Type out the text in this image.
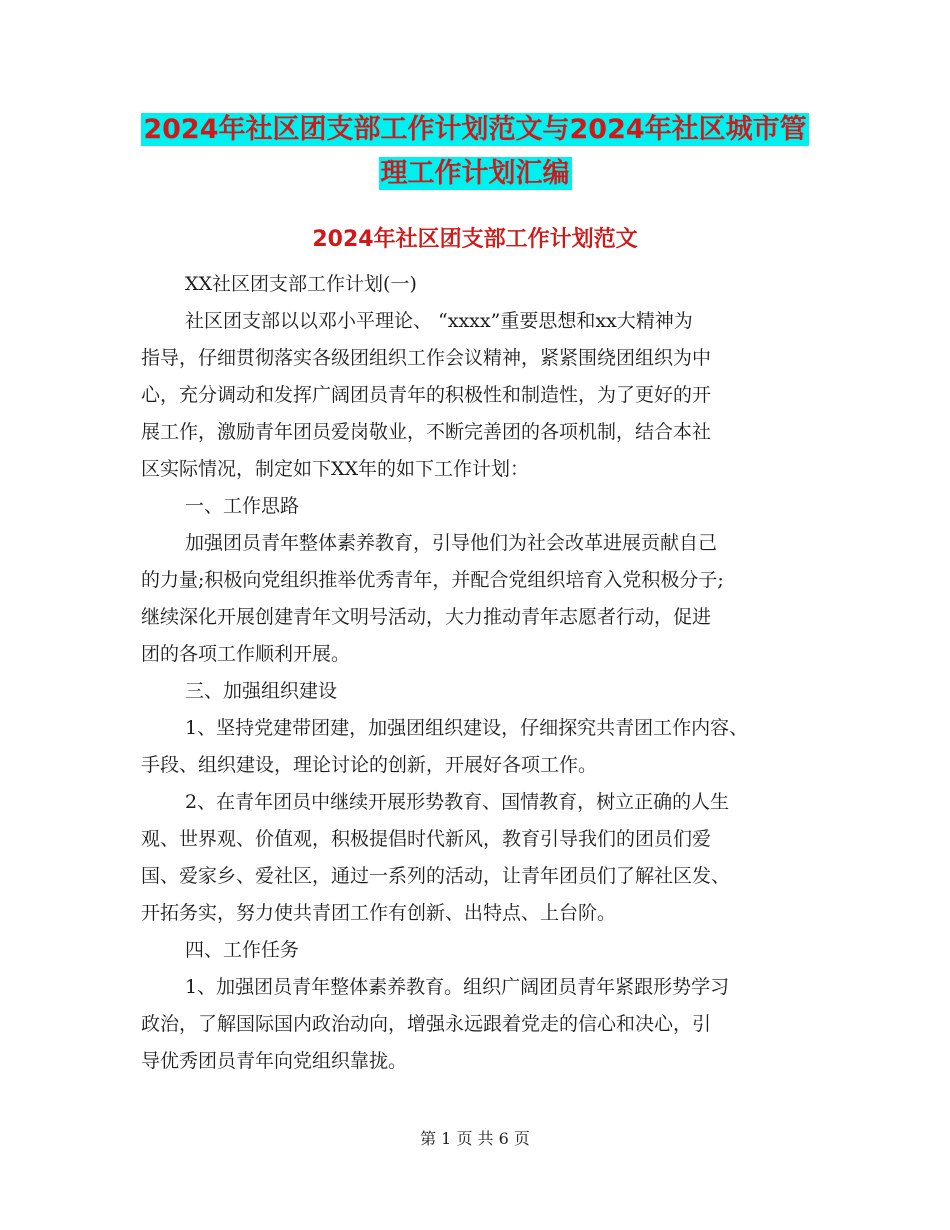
2024年社区团支部工作计划范文与2024年社区城市管
理工作计划汇编
2024年社区团支部工作计划范文
XX社区团支部工作计划(一)
社区团支部以以邓小平理论、 “xxxx”重要思想和xx大精神为
指导，仔细贯彻落实各级团组织工作会议精神，紧紧围绕团组织为中
心，充分调动和发挥广阔团员青年的积极性和制造性，为了更好的开
展工作，激励青年团员爱岗敬业，不断完善团的各项机制，结合本社
区实际情况，制定如下XX年的如下工作计划：
一、工作思路
加强团员青年整体素养教育，引导他们为社会改革进展贡献自己
的力量;积极向党组织推举优秀青年，并配合党组织培育入党积极分子;
继续深化开展创建青年文明号活动，大力推动青年志愿者行动，促进
团的各项工作顺利开展。
三、加强组织建设
1、坚持党建带团建，加强团组织建设，仔细探究共青团工作内容、
手段、组织建设，理论讨论的创新，开展好各项工作。
2、在青年团员中继续开展形势教育、国情教育，树立正确的人生
观、世界观、价值观，积极提倡时代新风，教育引导我们的团员们爱
国、爱家乡、爱社区，通过一系列的活动，让青年团员们了解社区发、
开拓务实，努力使共青团工作有创新、出特点、上台阶。
四、工作任务
1、加强团员青年整体素养教育。组织广阔团员青年紧跟形势学习
政治，了解国际国内政治动向，增强永远跟着党走的信心和决心，引
导优秀团员青年向党组织靠拢。
第 1 页 共 6 页
